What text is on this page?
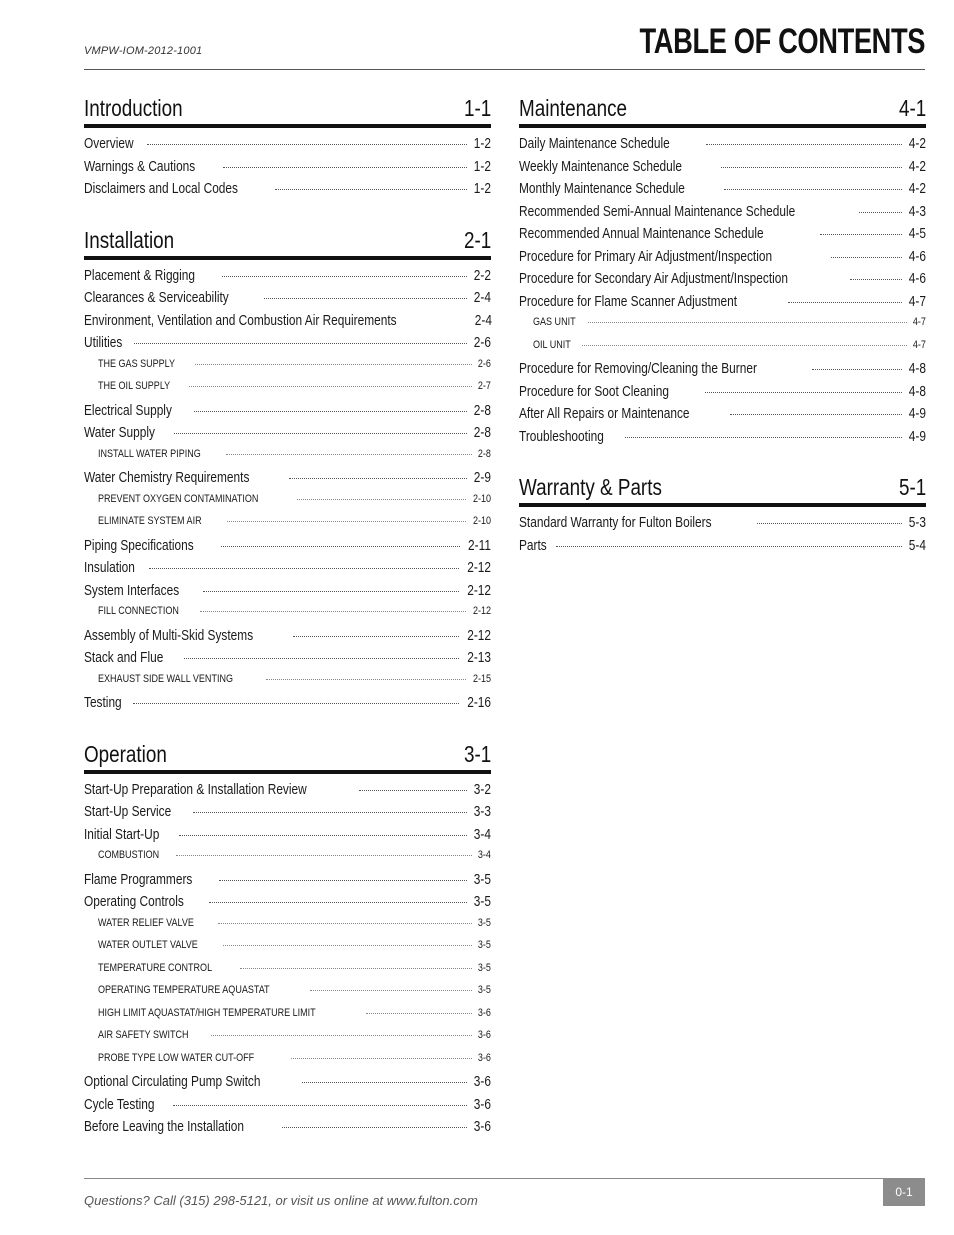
VMPW-IOM-2012-1001	TABLE OF CONTENTS
Introduction	1-1
Overview	1-2
Warnings & Cautions	1-2
Disclaimers and Local Codes	1-2
Installation	2-1
Placement & Rigging	2-2
Clearances & Serviceability	2-4
Environment, Ventilation and Combustion Air Requirements	2-4
Utilities	2-6
THE GAS SUPPLY	2-6
THE OIL SUPPLY	2-7
Electrical Supply	2-8
Water Supply	2-8
INSTALL WATER PIPING	2-8
Water Chemistry Requirements	2-9
PREVENT OXYGEN CONTAMINATION	2-10
ELIMINATE SYSTEM AIR	2-10
Piping Specifications	2-11
Insulation	2-12
System Interfaces	2-12
FILL CONNECTION	2-12
Assembly of Multi-Skid Systems	2-12
Stack and Flue	2-13
EXHAUST SIDE WALL VENTING	2-15
Testing	2-16
Operation	3-1
Start-Up Preparation & Installation Review	3-2
Start-Up Service	3-3
Initial Start-Up	3-4
COMBUSTION	3-4
Flame Programmers	3-5
Operating Controls	3-5
WATER RELIEF VALVE	3-5
WATER OUTLET VALVE	3-5
TEMPERATURE CONTROL	3-5
OPERATING TEMPERATURE AQUASTAT	3-5
HIGH LIMIT AQUASTAT/HIGH TEMPERATURE LIMIT	3-6
AIR SAFETY SWITCH	3-6
PROBE TYPE LOW WATER CUT-OFF	3-6
Optional Circulating Pump Switch	3-6
Cycle Testing	3-6
Before Leaving the Installation	3-6
Maintenance	4-1
Daily Maintenance Schedule	4-2
Weekly Maintenance Schedule	4-2
Monthly Maintenance Schedule	4-2
Recommended Semi-Annual Maintenance Schedule	4-3
Recommended Annual Maintenance Schedule	4-5
Procedure for Primary Air Adjustment/Inspection	4-6
Procedure for Secondary Air Adjustment/Inspection	4-6
Procedure for Flame Scanner Adjustment	4-7
GAS UNIT	4-7
OIL UNIT	4-7
Procedure for Removing/Cleaning the Burner	4-8
Procedure for Soot Cleaning	4-8
After All Repairs or Maintenance	4-9
Troubleshooting	4-9
Warranty & Parts	5-1
Standard Warranty for Fulton Boilers	5-3
Parts	5-4
Questions? Call (315) 298-5121, or visit us online at www.fulton.com
0-1
